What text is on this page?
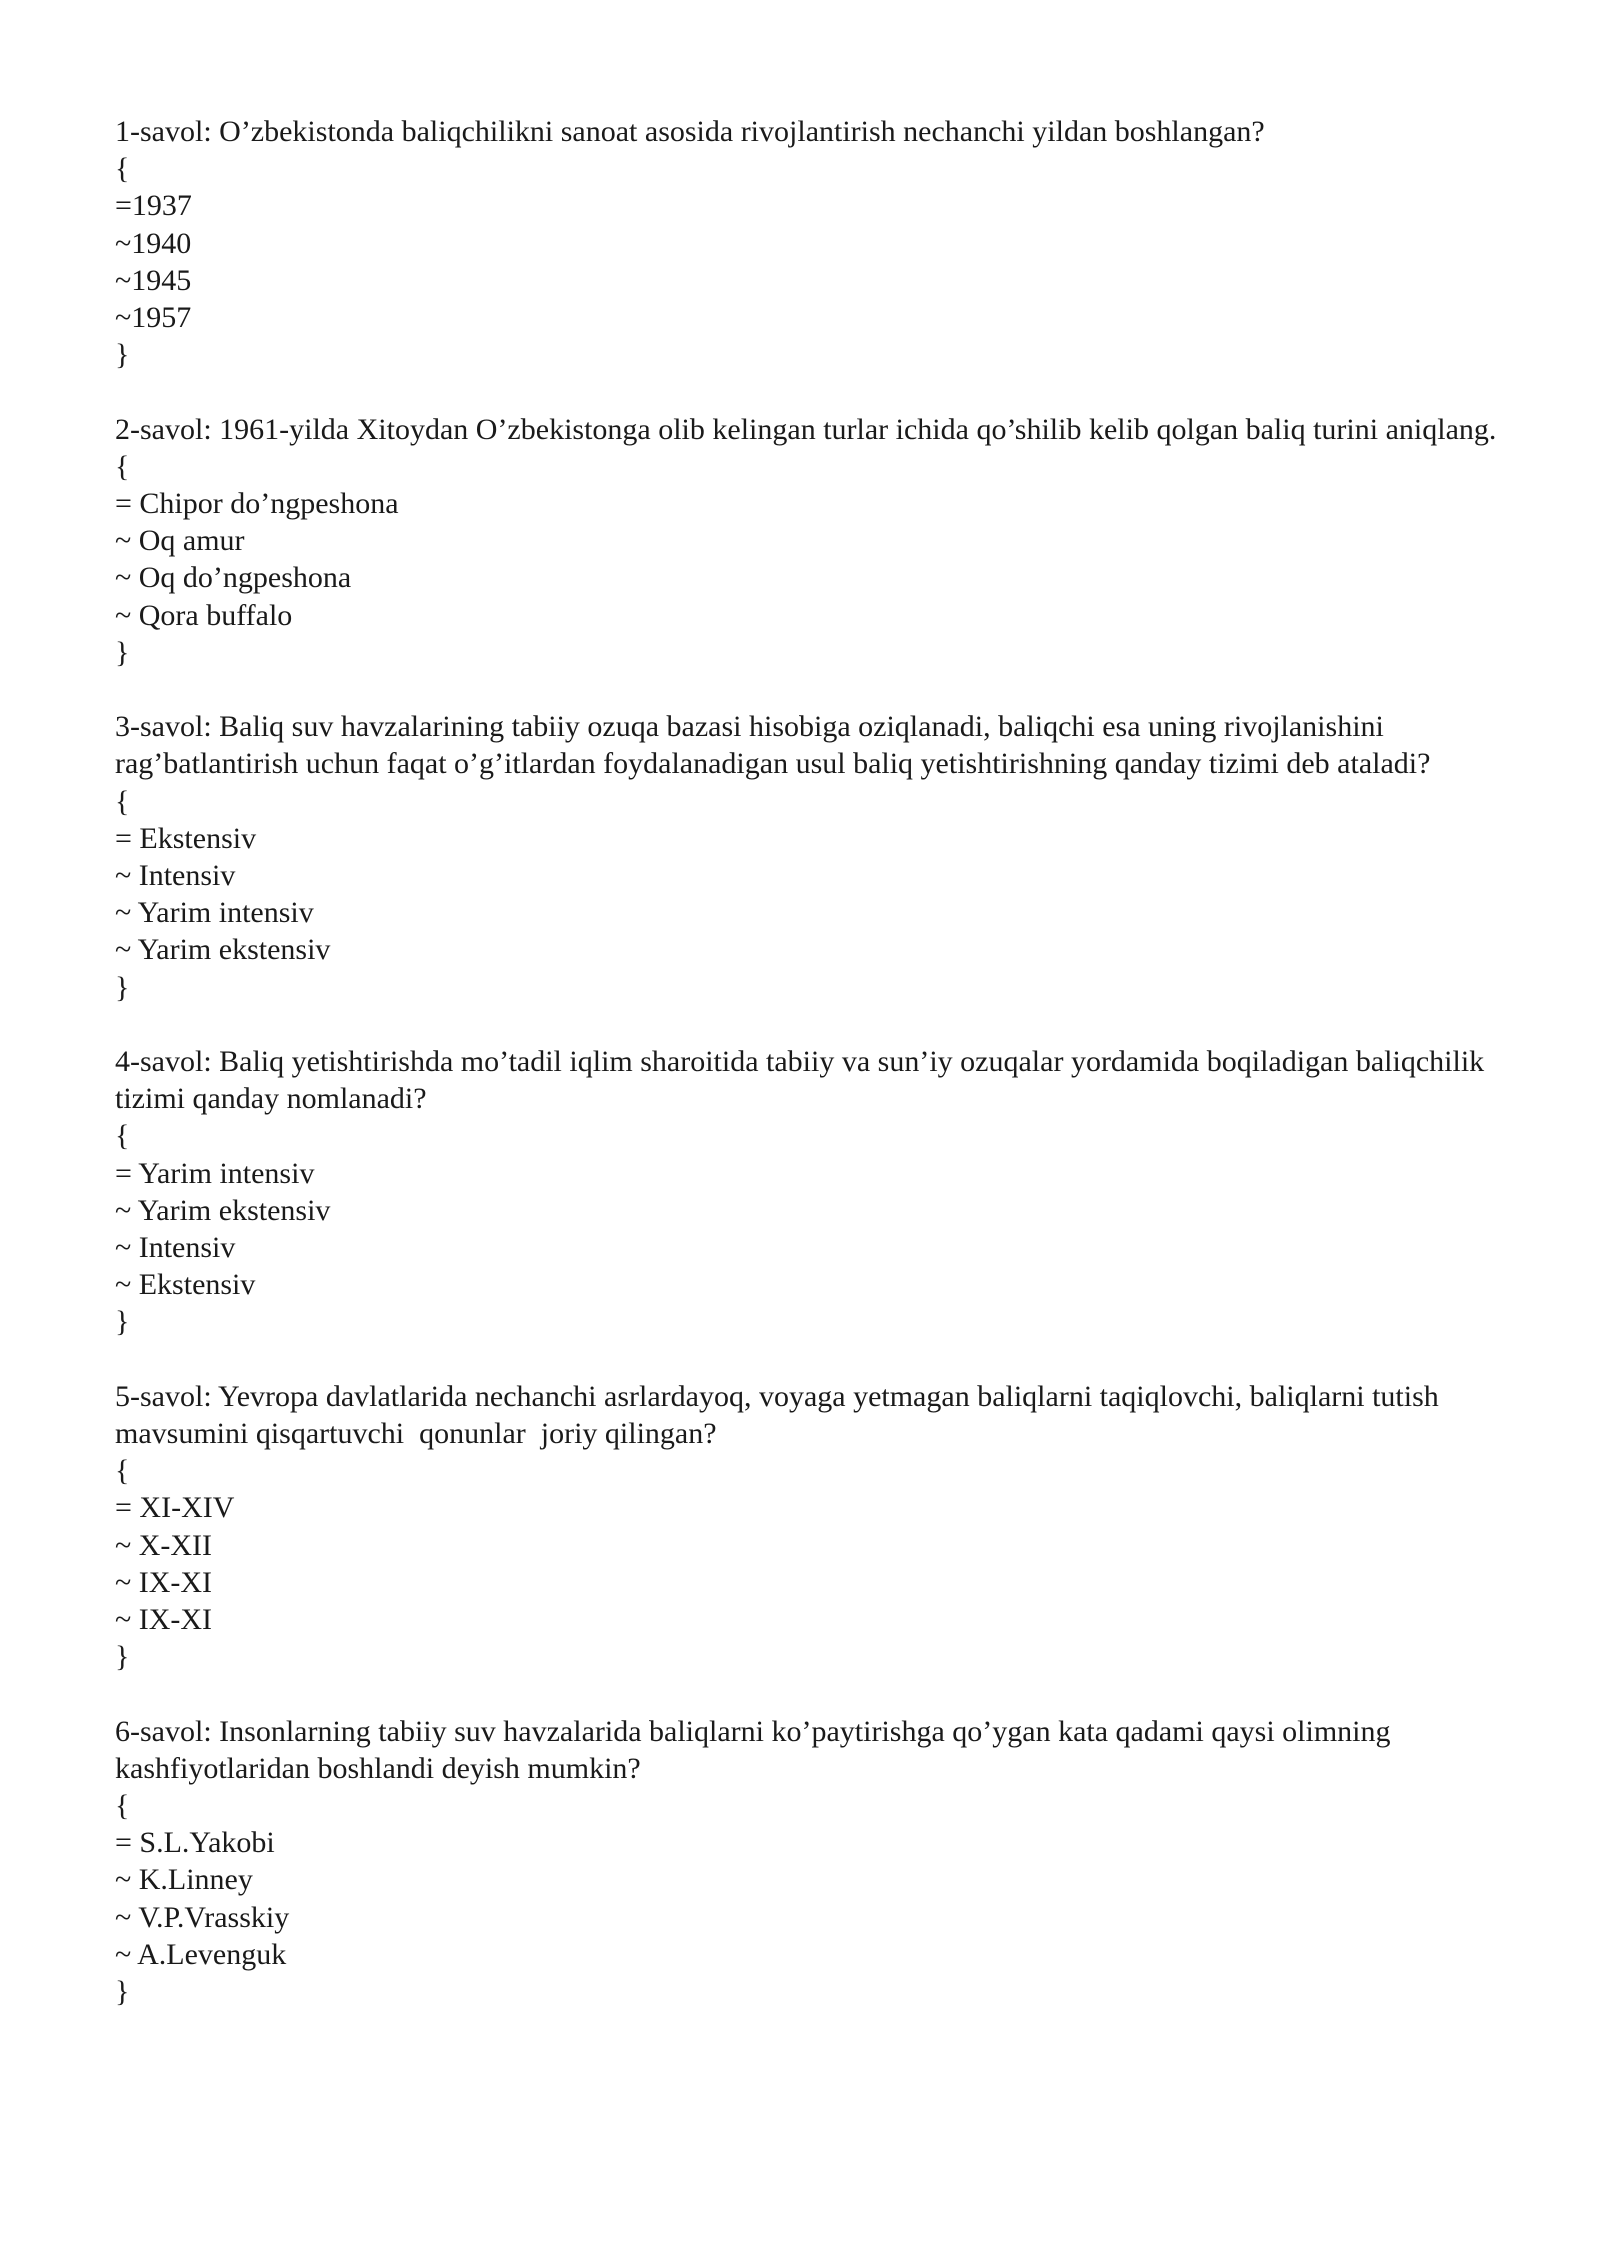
1-savol: O’zbekistonda baliqchilikni sanoat asosida rivojlantirish nechanchi yildan boshlangan?
{
=1937
~1940
~1945
~1957
}
2-savol: 1961-yilda Xitoydan O’zbekistonga olib kelingan turlar ichida qo’shilib kelib qolgan baliq turini aniqlang.
{
= Chipor do’ngpeshona
~ Oq amur
~ Oq do’ngpeshona
~ Qora buffalo
}
3-savol: Baliq suv havzalarining tabiiy ozuqa bazasi hisobiga oziqlanadi, baliqchi esa uning rivojlanishini rag’batlantirish uchun faqat o’g’itlardan foydalanadigan usul baliq yetishtirishning qanday tizimi deb ataladi?
{
= Ekstensiv
~ Intensiv
~ Yarim intensiv
~ Yarim ekstensiv
}
4-savol: Baliq yetishtirishda mo’tadil iqlim sharoitida tabiiy va sun’iy ozuqalar yordamida boqiladigan baliqchilik tizimi qanday nomlanadi?
{
= Yarim intensiv
~ Yarim ekstensiv
~ Intensiv
~ Ekstensiv
}
5-savol: Yevropa davlatlarida nechanchi asrlardayoq, voyaga yetmagan baliqlarni taqiqlovchi, baliqlarni tutish mavsumini qisqartuvchi  qonunlar  joriy qilingan?
{
= XI-XIV
~ X-XII
~ IX-XI
~ IX-XI
}
6-savol: Insonlarning tabiiy suv havzalarida baliqlarni ko’paytirishga qo’ygan kata qadami qaysi olimning kashfiyotlaridan boshlandi deyish mumkin?
{
= S.L.Yakobi
~ K.Linney
~ V.P.Vrasskiy
~ A.Levenguk
}
